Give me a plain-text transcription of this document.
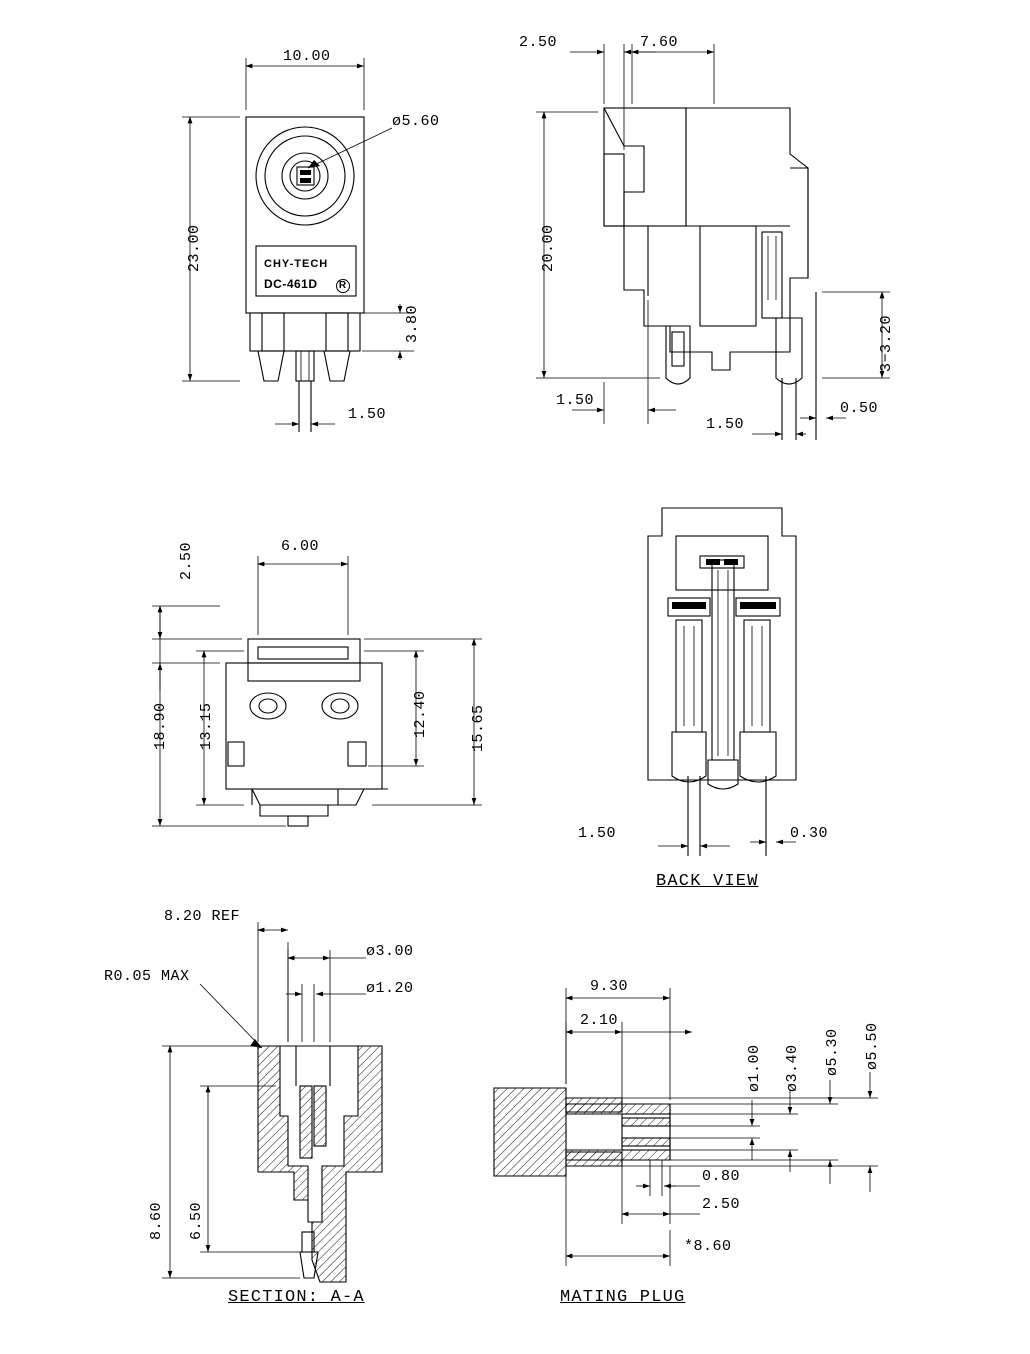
10.00
23.00
ø5.60
3.80
1.50
CHY-TECH
DC-461D R
2.50	7.60
20.00
3−3.20
1.50
1.50
0.50
2.50	6.00
18.90 13.15	12.40	15.65
1.50	0.30
BACK VIEW
8.20 REF
ø3.00
ø1.20
R0.05 MAX
8.60 6.50
SECTION: A-A
9.30
2.10
ø1.00 ø3.40 ø5.30 ø5.50
0.80
2.50
*8.60
MATING PLUG
